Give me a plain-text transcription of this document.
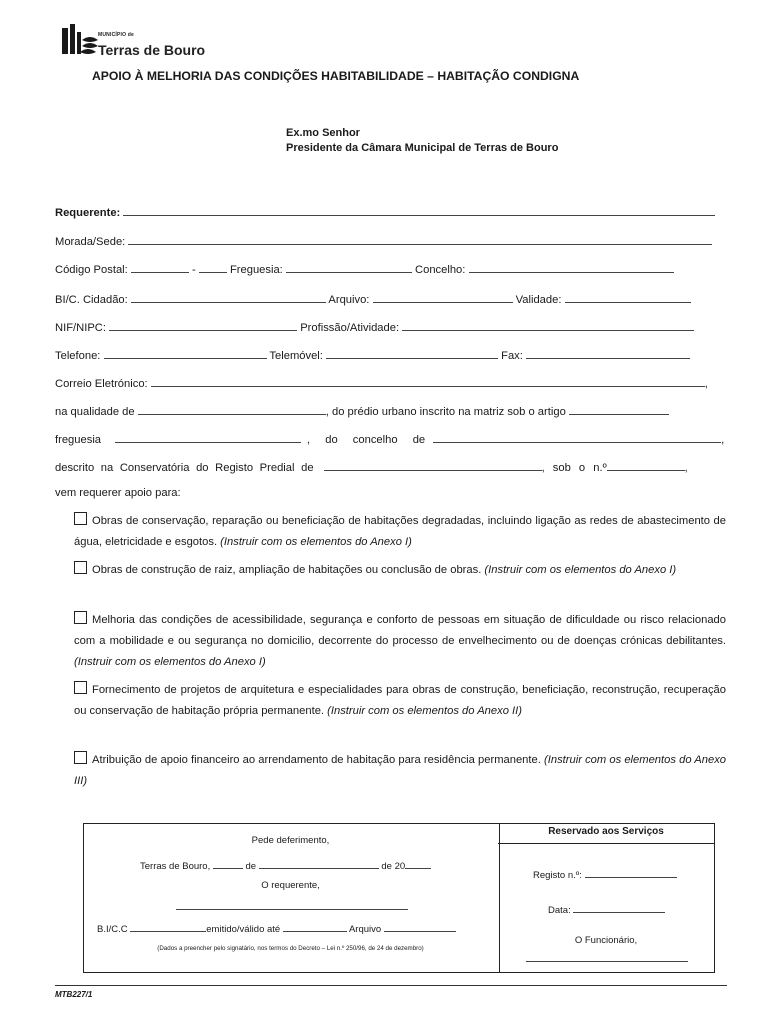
MUNICÍPIO de
Terras de Bouro
APOIO À MELHORIA DAS CONDIÇÕES HABITABILIDADE – HABITAÇÃO CONDIGNA
Ex.mo Senhor
Presidente da Câmara Municipal de Terras de Bouro
Requerente:
Morada/Sede:
Código Postal:	-	Freguesia:	Concelho:
BI/C. Cidadão:	Arquivo:	Validade:
NIF/NIPC:	Profissão/Atividade:
Telefone:	Telemóvel:	Fax:
Correio Eletrónico:	,
na qualidade de	, do prédio urbano inscrito na matriz sob o artigo
freguesia	, do concelho de	,
descrito na Conservatória do Registo Predial de	, sob o n.º	,
vem requerer apoio para:
Obras de conservação, reparação ou beneficiação de habitações degradadas, incluindo ligação as redes de abastecimento de água, eletricidade e esgotos. (Instruir com os elementos do Anexo I)
Obras de construção de raiz, ampliação de habitações ou conclusão de obras. (Instruir com os elementos do Anexo I)
Melhoria das condições de acessibilidade, segurança e conforto de pessoas em situação de dificuldade ou risco relacionado com a mobilidade e ou segurança no domicilio, decorrente do processo de envelhecimento ou de doenças crónicas debilitantes. (Instruir com os elementos do Anexo I)
Fornecimento de projetos de arquitetura e especialidades para obras de construção, beneficiação, reconstrução, recuperação ou conservação de habitação própria permanente. (Instruir com os elementos do Anexo II)
Atribuição de apoio financeiro ao arrendamento de habitação para residência permanente. (Instruir com os elementos do Anexo III)
Pede deferimento,
Terras de Bouro,	de	de 20
O requerente,
B.I/C.C	emitido/válido até	Arquivo
(Dados a preencher pelo signatário, nos termos do Decreto – Lei n.º 250/96, de 24 de dezembro)
Reservado aos Serviços
Registo n.º:
Data:
O Funcionário,
MTB227/1
